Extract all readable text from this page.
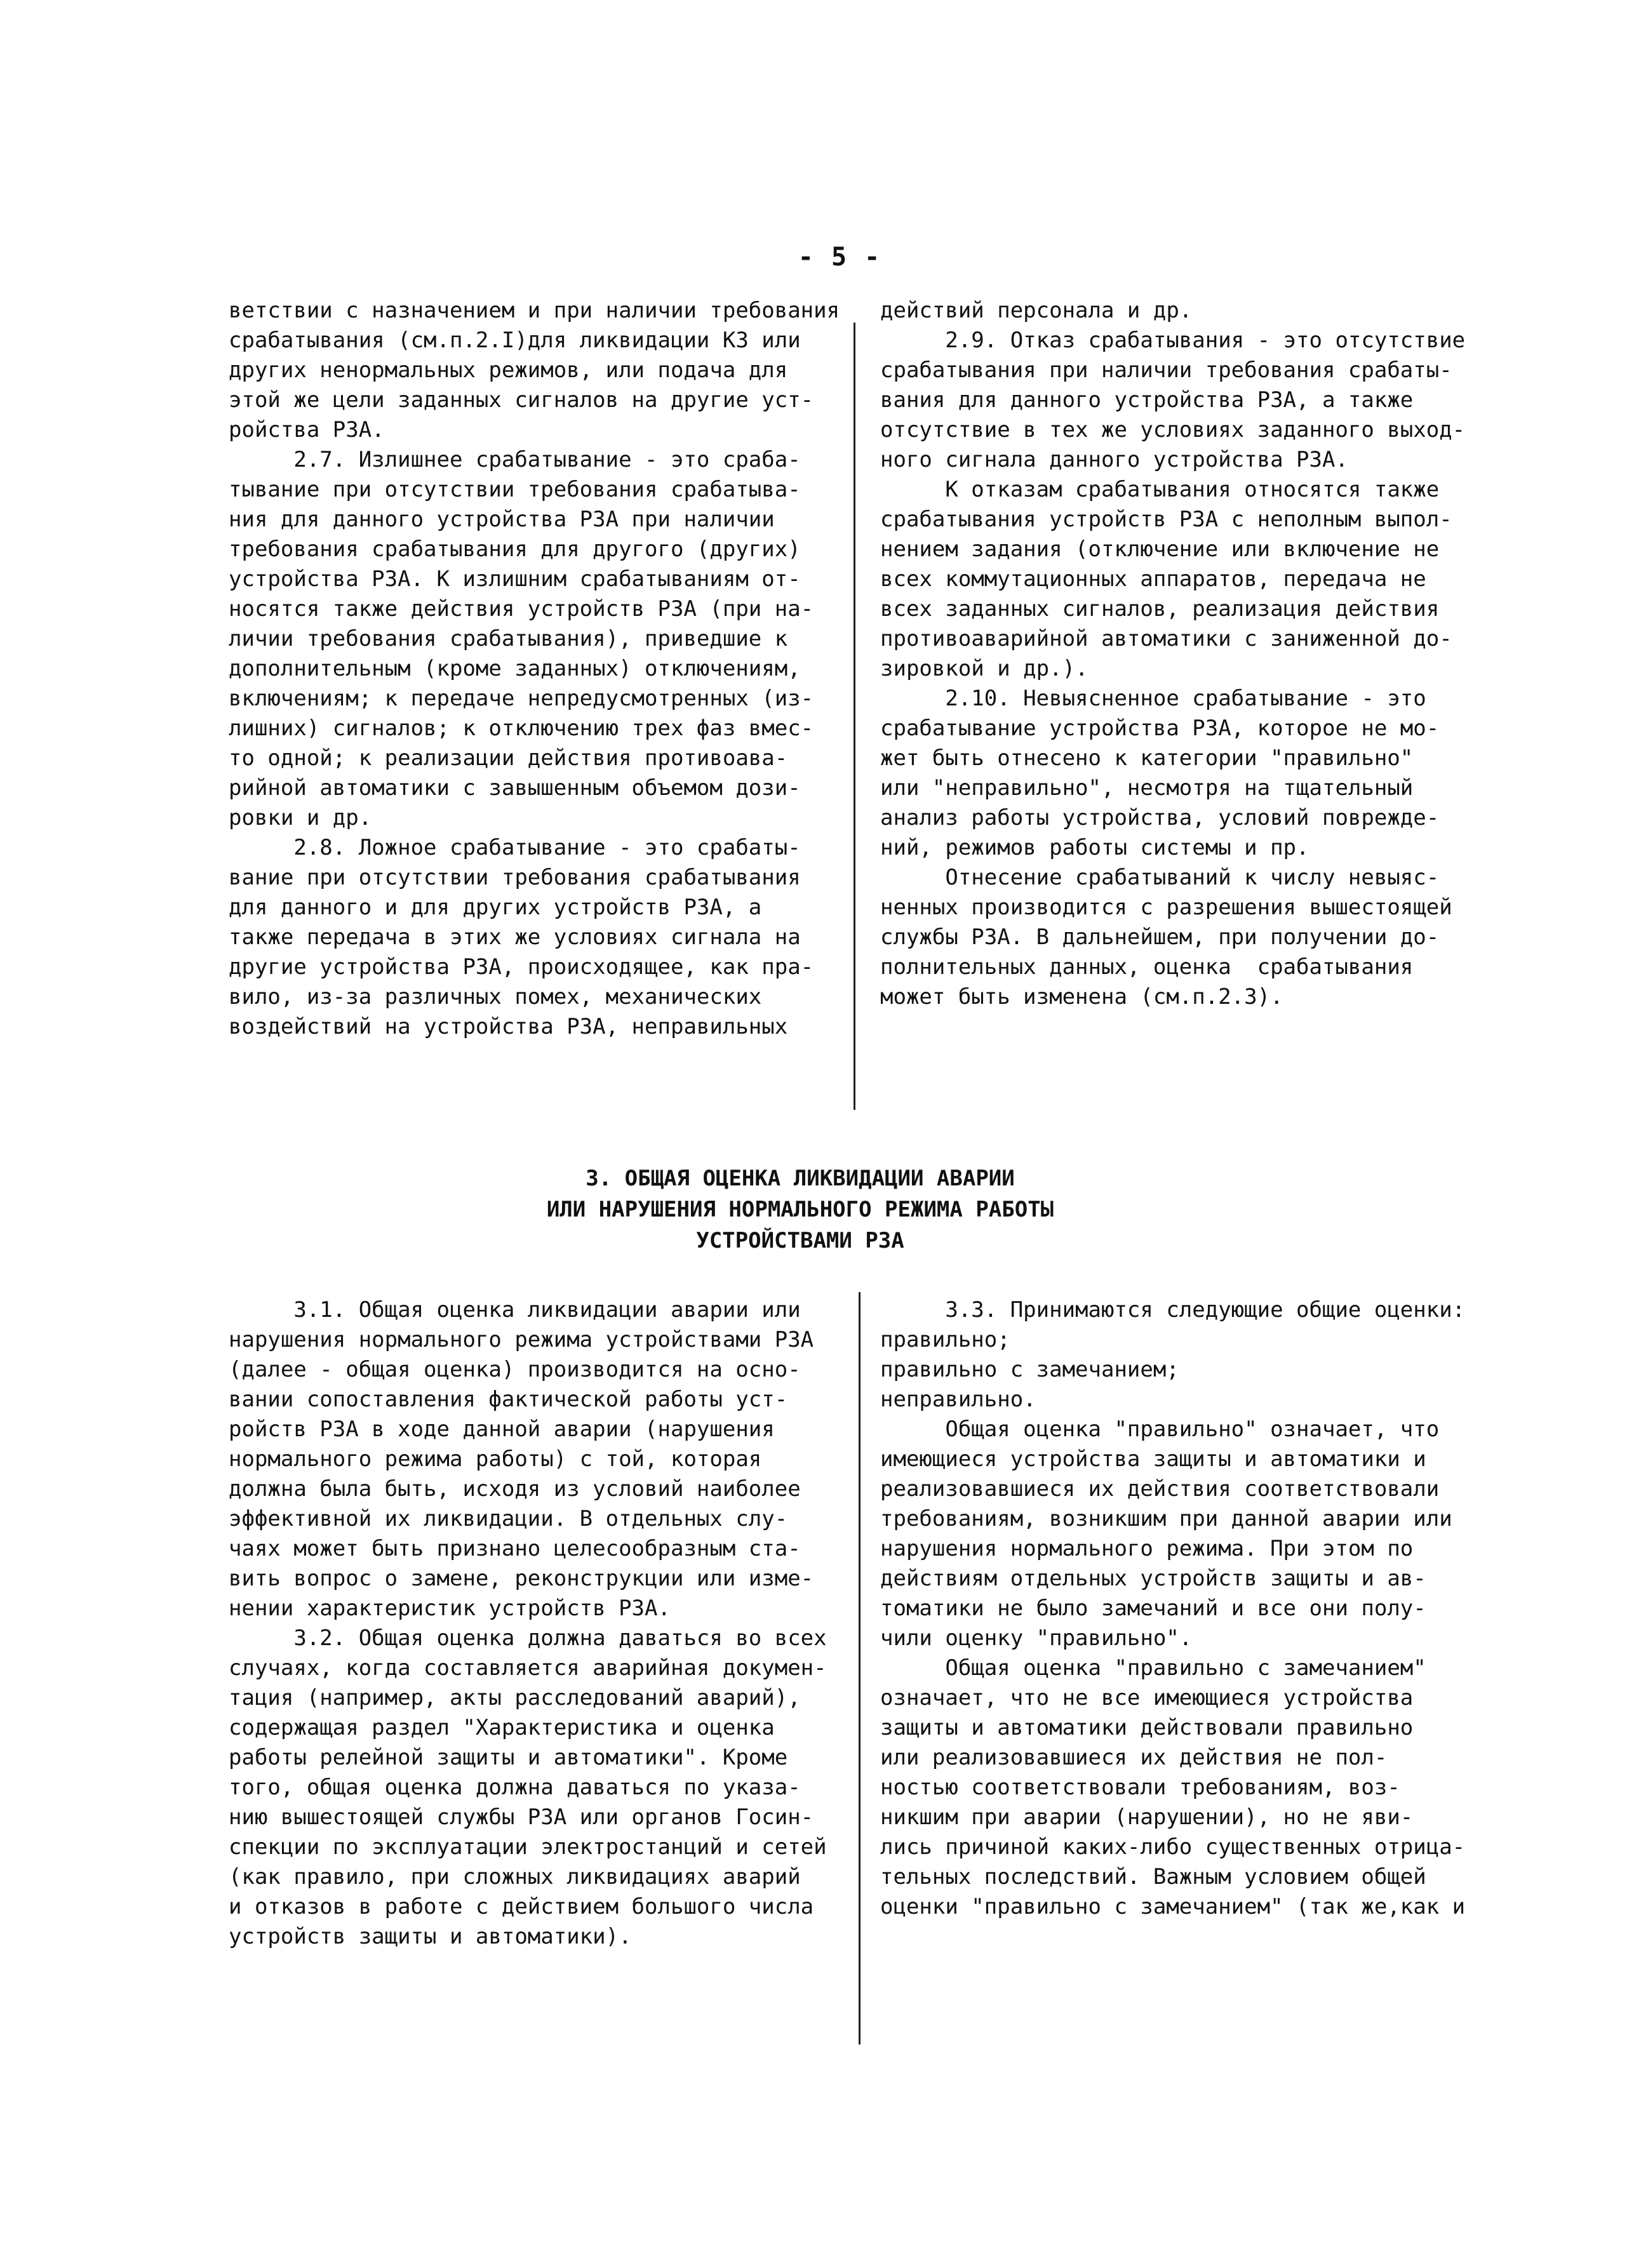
- 5 -
ветствии с назначением и при наличии требования
срабатывания (см.п.2.I)для ликвидации КЗ или
других ненормальных режимов, или подача для
этой же цели заданных сигналов на другие уст-
ройства РЗА.
2.7. Излишнее срабатывание - это сраба-
тывание при отсутствии требования срабатыва-
ния для данного устройства РЗА при наличии
требования срабатывания для другого (других)
устройства РЗА. К излишним срабатываниям от-
носятся также действия устройств РЗА (при на-
личии требования срабатывания), приведшие к
дополнительным (кроме заданных) отключениям,
включениям; к передаче непредусмотренных (из-
лишних) сигналов; к отключению трех фаз вмес-
то одной; к реализации действия противоава-
рийной автоматики с завышенным объемом дози-
ровки и др.
2.8. Ложное срабатывание - это срабаты-
вание при отсутствии требования срабатывания
для данного и для других устройств РЗА, а
также передача в этих же условиях сигнала на
другие устройства РЗА, происходящее, как пра-
вило, из-за различных помех, механических
воздействий на устройства РЗА, неправильных
действий персонала и др.
2.9. Отказ срабатывания - это отсутствие
срабатывания при наличии требования срабаты-
вания для данного устройства РЗА, а также
отсутствие в тех же условиях заданного выход-
ного сигнала данного устройства РЗА.
К отказам срабатывания относятся также
срабатывания устройств РЗА с неполным выпол-
нением задания (отключение или включение не
всех коммутационных аппаратов, передача не
всех заданных сигналов, реализация действия
противоаварийной автоматики с заниженной до-
зировкой и др.).
2.10. Невыясненное срабатывание - это
срабатывание устройства РЗА, которое не мо-
жет быть отнесено к категории "правильно"
или "неправильно", несмотря на тщательный
анализ работы устройства, условий поврежде-
ний, режимов работы системы и пр.
Отнесение срабатываний к числу невыяс-
ненных производится с разрешения вышестоящей
службы РЗА. В дальнейшем, при получении до-
полнительных данных, оценка  срабатывания
может быть изменена (см.п.2.3).
3. ОБЩАЯ ОЦЕНКА ЛИКВИДАЦИИ АВАРИИ
ИЛИ НАРУШЕНИЯ НОРМАЛЬНОГО РЕЖИМА РАБОТЫ
УСТРОЙСТВАМИ РЗА
3.1. Общая оценка ликвидации аварии или
нарушения нормального режима устройствами РЗА
(далее - общая оценка) производится на осно-
вании сопоставления фактической работы уст-
ройств РЗА в ходе данной аварии (нарушения
нормального режима работы) с той, которая
должна была быть, исходя из условий наиболее
эффективной их ликвидации. В отдельных слу-
чаях может быть признано целесообразным ста-
вить вопрос о замене, реконструкции или изме-
нении характеристик устройств РЗА.
3.2. Общая оценка должна даваться во всех
случаях, когда составляется аварийная докумен-
тация (например, акты расследований аварий),
содержащая раздел "Характеристика и оценка
работы релейной защиты и автоматики". Кроме
того, общая оценка должна даваться по указа-
нию вышестоящей службы РЗА или органов Госин-
спекции по эксплуатации электростанций и сетей
(как правило, при сложных ликвидациях аварий
и отказов в работе с действием большого числа
устройств защиты и автоматики).
3.3. Принимаются следующие общие оценки:
правильно;
правильно с замечанием;
неправильно.
Общая оценка "правильно" означает, что
имеющиеся устройства защиты и автоматики и
реализовавшиеся их действия соответствовали
требованиям, возникшим при данной аварии или
нарушения нормального режима. При этом по
действиям отдельных устройств защиты и ав-
томатики не было замечаний и все они полу-
чили оценку "правильно".
Общая оценка "правильно с замечанием"
означает, что не все имеющиеся устройства
защиты и автоматики действовали правильно
или реализовавшиеся их действия не пол-
ностью соответствовали требованиям, воз-
никшим при аварии (нарушении), но не яви-
лись причиной каких-либо существенных отрица-
тельных последствий. Важным условием общей
оценки "правильно с замечанием" (так же,как и
